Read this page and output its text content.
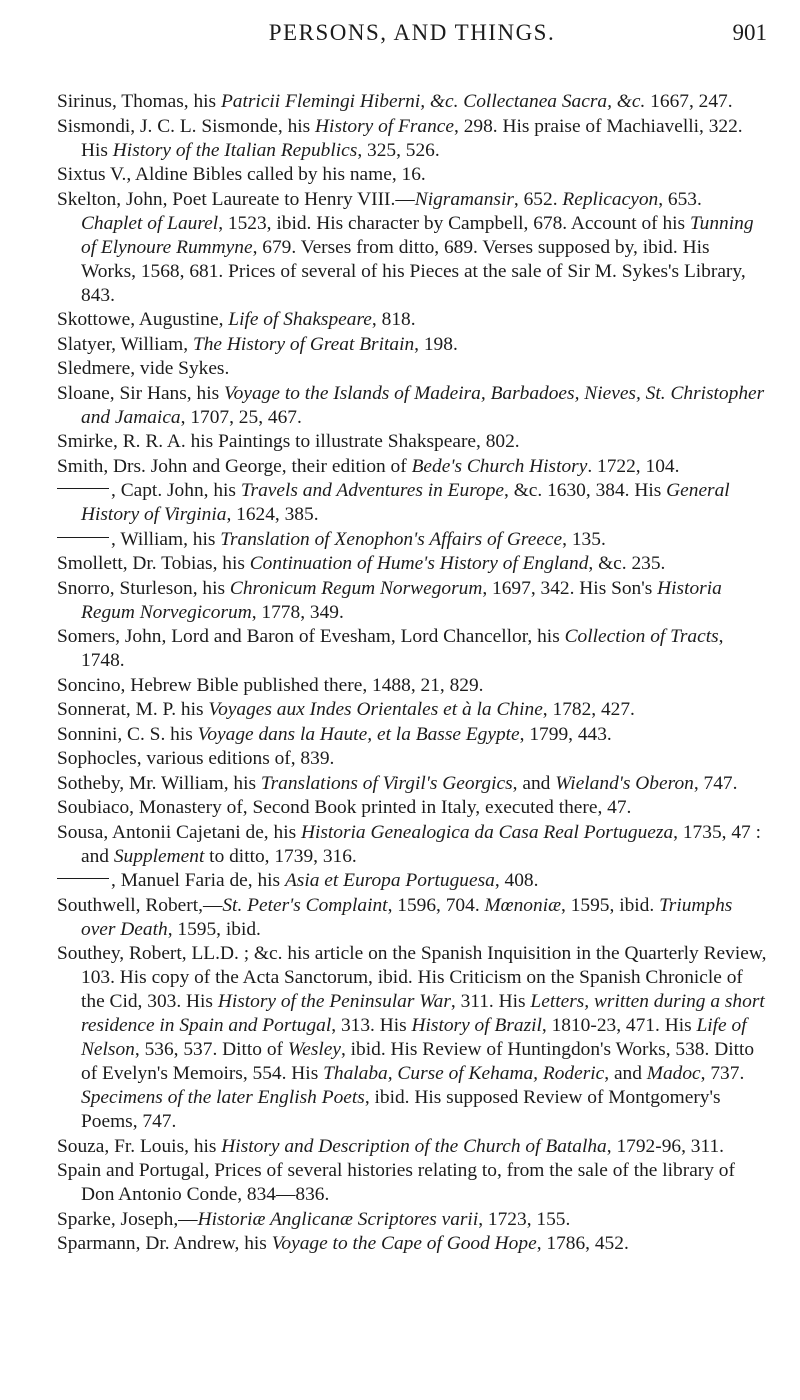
PERSONS, AND THINGS.	901

Sirinus, Thomas, his Patricii Flemingi Hiberni, &c. Collectanea Sacra, &c. 1667, 247.

Sismondi, J. C. L. Sismonde, his History of France, 298. His praise of Machiavelli, 322. His History of the Italian Republics, 325, 526.

Sixtus V., Aldine Bibles called by his name, 16.

Skelton, John, Poet Laureate to Henry VIII.—Nigramansir, 652. Replicacyon, 653. Chaplet of Laurel, 1523, ibid. His character by Campbell, 678. Account of his Tunning of Elynoure Rummyne, 679. Verses from ditto, 689. Verses supposed by, ibid. His Works, 1568, 681. Prices of several of his Pieces at the sale of Sir M. Sykes's Library, 843.

Skottowe, Augustine, Life of Shakspeare, 818.

Slatyer, William, The History of Great Britain, 198.

Sledmere, vide Sykes.

Sloane, Sir Hans, his Voyage to the Islands of Madeira, Barbadoes, Nieves, St. Christopher and Jamaica, 1707, 25, 467.

Smirke, R. R. A. his Paintings to illustrate Shakspeare, 802.

Smith, Drs. John and George, their edition of Bede's Church History. 1722, 104.

, Capt. John, his Travels and Adventures in Europe, &c. 1630, 384. His General History of Virginia, 1624, 385.

, William, his Translation of Xenophon's Affairs of Greece, 135.

Smollett, Dr. Tobias, his Continuation of Hume's History of England, &c. 235.

Snorro, Sturleson, his Chronicum Regum Norwegorum, 1697, 342. His Son's Historia Regum Norvegicorum, 1778, 349.

Somers, John, Lord and Baron of Evesham, Lord Chancellor, his Collection of Tracts, 1748.

Soncino, Hebrew Bible published there, 1488, 21, 829.

Sonnerat, M. P. his Voyages aux Indes Orientales et à la Chine, 1782, 427.

Sonnini, C. S. his Voyage dans la Haute, et la Basse Egypte, 1799, 443.

Sophocles, various editions of, 839.

Sotheby, Mr. William, his Translations of Virgil's Georgics, and Wieland's Oberon, 747.

Soubiaco, Monastery of, Second Book printed in Italy, executed there, 47.

Sousa, Antonii Cajetani de, his Historia Genealogica da Casa Real Portugueza, 1735, 47 : and Supplement to ditto, 1739, 316.

, Manuel Faria de, his Asia et Europa Portuguesa, 408.

Southwell, Robert,—St. Peter's Complaint, 1596, 704. Mœnoniæ, 1595, ibid. Triumphs over Death, 1595, ibid.

Southey, Robert, LL.D. ; &c. his article on the Spanish Inquisition in the Quarterly Review, 103. His copy of the Acta Sanctorum, ibid. His Criticism on the Spanish Chronicle of the Cid, 303. His History of the Peninsular War, 311. His Letters, written during a short residence in Spain and Portugal, 313. His History of Brazil, 1810-23, 471. His Life of Nelson, 536, 537. Ditto of Wesley, ibid. His Review of Huntingdon's Works, 538. Ditto of Evelyn's Memoirs, 554. His Thalaba, Curse of Kehama, Roderic, and Madoc, 737. Specimens of the later English Poets, ibid. His supposed Review of Montgomery's Poems, 747.

Souza, Fr. Louis, his History and Description of the Church of Batalha, 1792-96, 311.

Spain and Portugal, Prices of several histories relating to, from the sale of the library of Don Antonio Conde, 834—836.

Sparke, Joseph,—Historiæ Anglicanæ Scriptores varii, 1723, 155.

Sparmann, Dr. Andrew, his Voyage to the Cape of Good Hope, 1786, 452.
